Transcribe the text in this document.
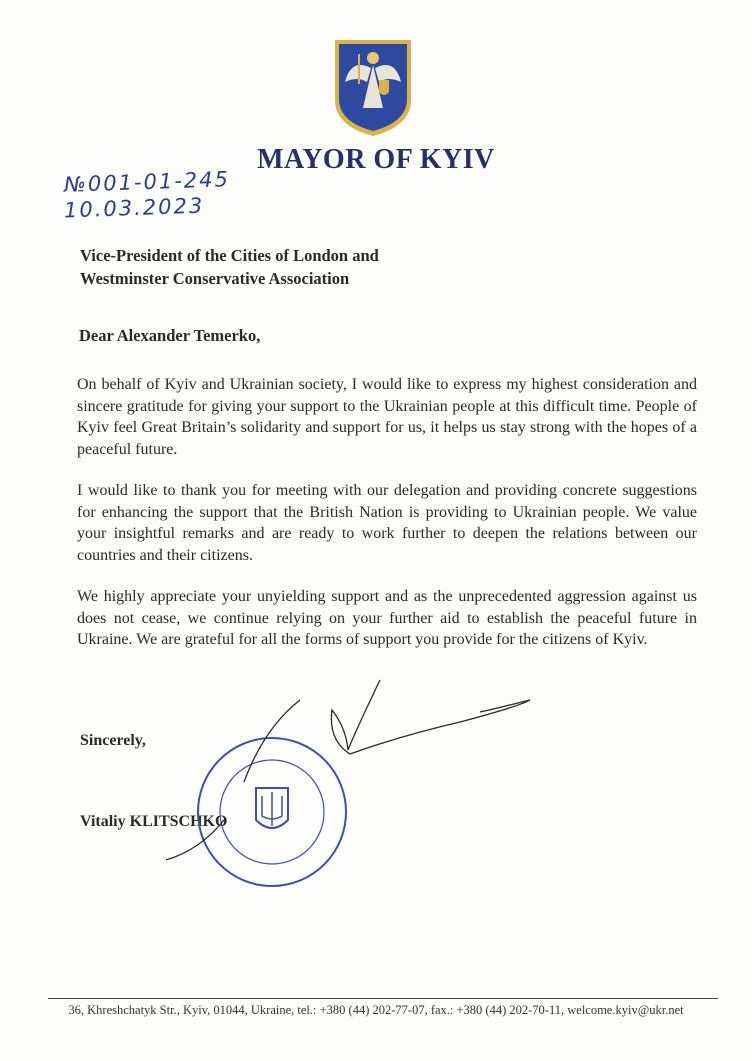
MAYOR OF KYIV
№001-01-245
10.03.2023
Vice-President of the Cities of London and
Westminster Conservative Association
Dear Alexander Temerko,

On behalf of Kyiv and Ukrainian society, I would like to express my highest consideration and sincere gratitude for giving your support to the Ukrainian people at this difficult time. People of Kyiv feel Great Britain’s solidarity and support for us, it helps us stay strong with the hopes of a peaceful future.

I would like to thank you for meeting with our delegation and providing concrete suggestions for enhancing the support that the British Nation is providing to Ukrainian people. We value your insightful remarks and are ready to work further to deepen the relations between our countries and their citizens.

We highly appreciate your unyielding support and as the unprecedented aggression against us does not cease, we continue relying on your further aid to establish the peaceful future in Ukraine. We are grateful for all the forms of support you provide for the citizens of Kyiv.

Sincerely,
Vitaliy KLITSCHKO
36, Khreshchatyk Str., Kyiv, 01044, Ukraine, tel.: +380 (44) 202-77-07, fax.: +380 (44) 202-70-11, welcome.kyiv@ukr.net
